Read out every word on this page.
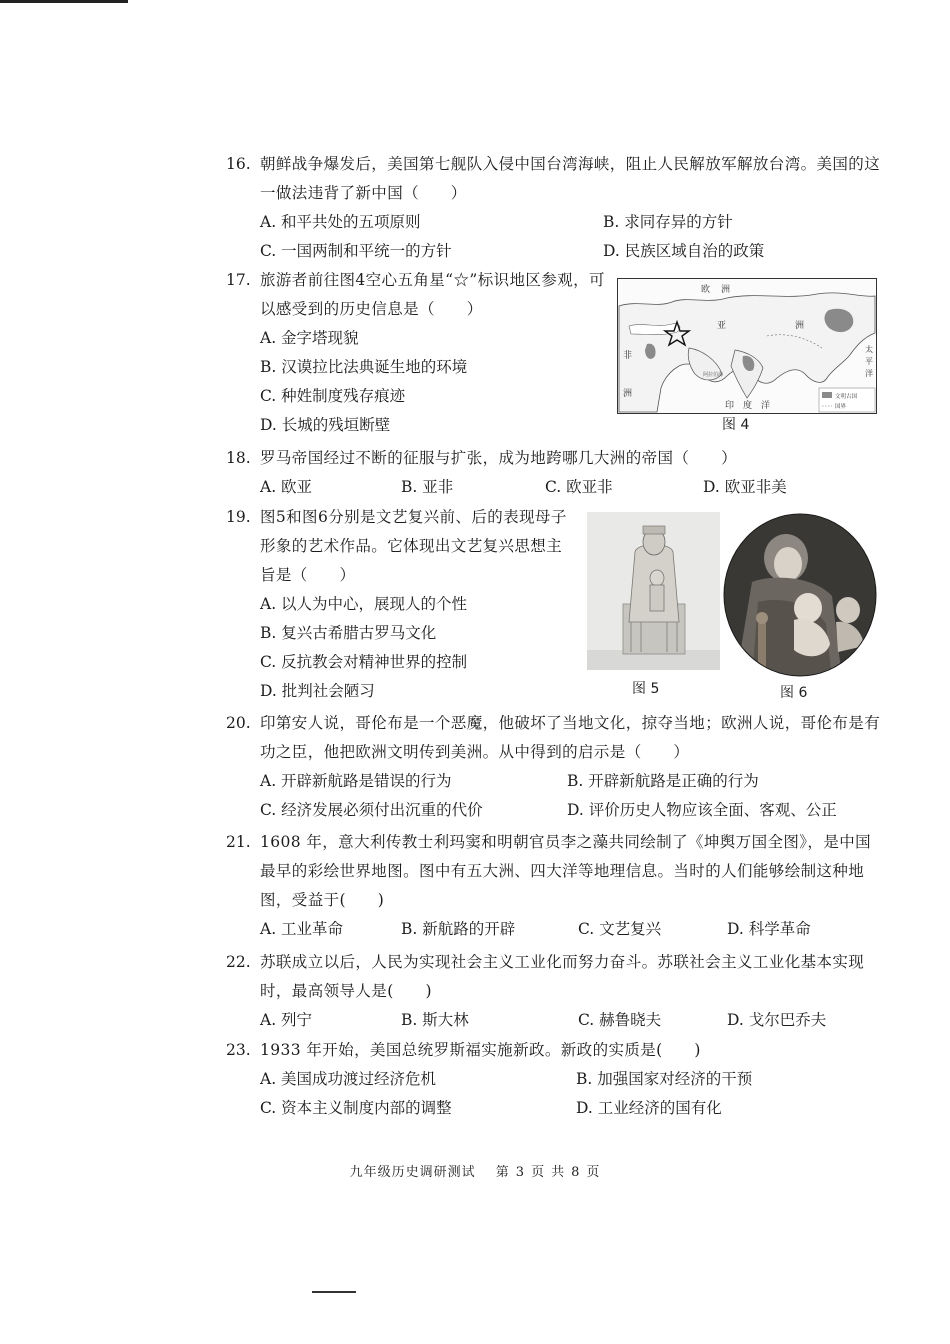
16. 朝鲜战争爆发后，美国第七舰队入侵中国台湾海峡，阻止人民解放军解放台湾。美国的这一做法违背了新中国（　　）
A. 和平共处的五项原则	B. 求同存异的方针
C. 一国两制和平统一的方针	D. 民族区域自治的政策
17. 旅游者前往图4空心五角星“☆”标识地区参观，可以感受到的历史信息是（　　）
A. 金字塔现貌
B. 汉谟拉比法典诞生地的环境
C. 种姓制度残存痕迹
D. 长城的残垣断壁
欧 洲
亚	洲
非
洲
太
平
洋
印　度　洋
阿拉伯海
文明古国
国界
图 4
18. 罗马帝国经过不断的征服与扩张，成为地跨哪几大洲的帝国（　　）
A. 欧亚	B. 亚非	C. 欧亚非	D. 欧亚非美
19. 图5和图6分别是文艺复兴前、后的表现母子形象的艺术作品。它体现出文艺复兴思想主旨是（　　）
A. 以人为中心，展现人的个性
B. 复兴古希腊古罗马文化
C. 反抗教会对精神世界的控制
D. 批判社会陋习	图 5	图 6
20. 印第安人说，哥伦布是一个恶魔，他破坏了当地文化，掠夺当地；欧洲人说，哥伦布是有功之臣，他把欧洲文明传到美洲。从中得到的启示是（　　）
A. 开辟新航路是错误的行为	B. 开辟新航路是正确的行为
C. 经济发展必须付出沉重的代价	D. 评价历史人物应该全面、客观、公正
21. 1608 年，意大利传教士利玛窦和明朝官员李之藻共同绘制了《坤舆万国全图》，是中国最早的彩绘世界地图。图中有五大洲、四大洋等地理信息。当时的人们能够绘制这种地图，受益于(　　)
A. 工业革命	B. 新航路的开辟	C. 文艺复兴	D. 科学革命
22. 苏联成立以后，人民为实现社会主义工业化而努力奋斗。苏联社会主义工业化基本实现时，最高领导人是(　　)
A. 列宁	B. 斯大林	C. 赫鲁晓夫	D. 戈尔巴乔夫
23. 1933 年开始，美国总统罗斯福实施新政。新政的实质是(　　)
A. 美国成功渡过经济危机	B. 加强国家对经济的干预
C. 资本主义制度内部的调整	D. 工业经济的国有化
九年级历史调研测试 第 3 页 共 8 页
